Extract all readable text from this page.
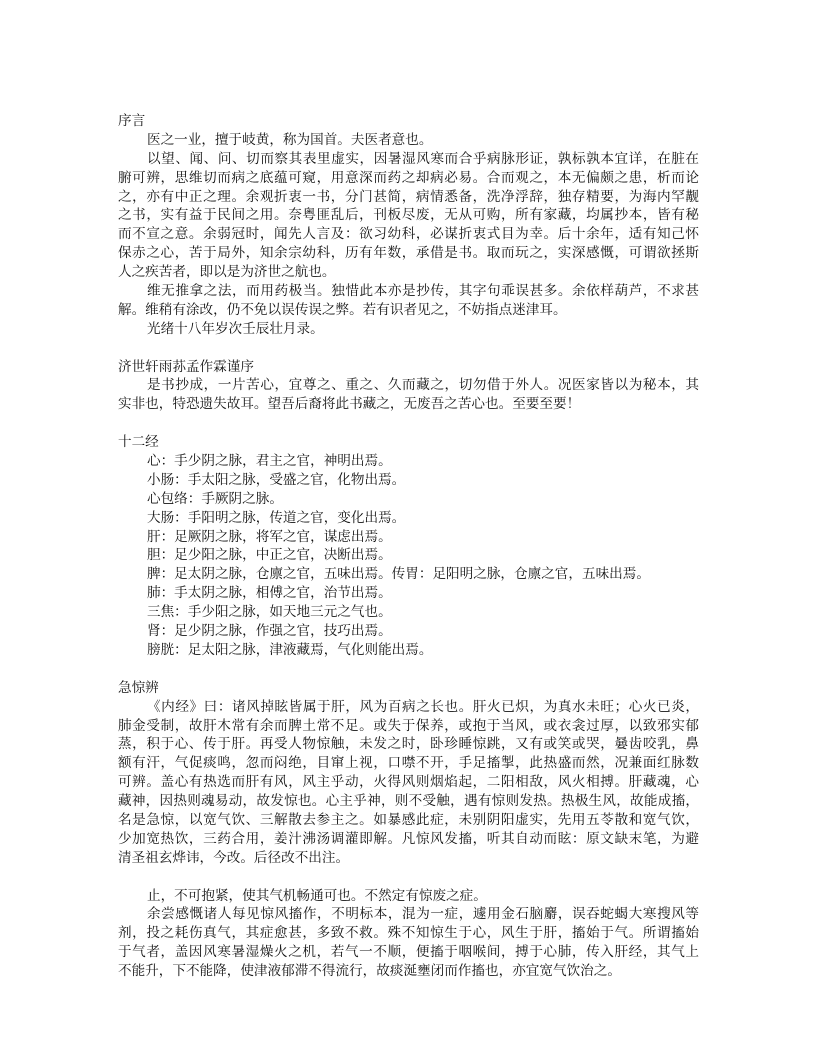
序言
医之一业，擅于岐黄，称为国首。夫医者意也。
以望、闻、问、切而察其表里虚实，因暑湿风寒而合乎病脉形证，孰标孰本宜详，在脏在
腑可辨，思维切而病之底蕴可窥，用意深而药之却病必易。合而观之，本无偏颇之患，析而论
之，亦有中正之理。余观折衷一书，分门甚简，病情悉备，洗净浮辞，独存精要，为海内罕觏
之书，实有益于民间之用。奈粤匪乱后，刊板尽废，无从可购，所有家藏，均属抄本，皆有秘
而不宣之意。余弱冠时，闻先人言及：欲习幼科，必谋折衷式目为幸。后十余年，适有知己怀
保赤之心，苦于局外，知余宗幼科，历有年数，承借是书。取而玩之，实深感慨，可谓欲拯斯
人之疾苦者，即以是为济世之航也。
维无推拿之法，而用药极当。独惜此本亦是抄传，其字句乖误甚多。余依样葫芦，不求甚
解。维稍有涂改，仍不免以误传误之弊。若有识者见之，不妨指点迷津耳。
光绪十八年岁次壬辰壮月录。
济世轩雨荪孟作霖谨序
是书抄成，一片苦心，宜尊之、重之、久而藏之，切勿借于外人。况医家皆以为秘本，其
实非也，特恐遗失故耳。望吾后裔将此书藏之，无废吾之苦心也。至要至要！
十二经
心：手少阴之脉，君主之官，神明出焉。
小肠：手太阳之脉，受盛之官，化物出焉。
心包络：手厥阴之脉。
大肠：手阳明之脉，传道之官，变化出焉。
肝：足厥阴之脉，将军之官，谋虑出焉。
胆：足少阳之脉，中正之官，决断出焉。
脾：足太阴之脉，仓廪之官，五味出焉。传胃：足阳明之脉，仓廪之官，五味出焉。
肺：手太阴之脉，相傅之官，治节出焉。
三焦：手少阳之脉，如天地三元之气也。
肾：足少阴之脉，作强之官，技巧出焉。
膀胱：足太阳之脉，津液藏焉，气化则能出焉。
急惊辨
《内经》曰：诸风掉眩皆属于肝，风为百病之长也。肝火已炽，为真水未旺；心火已炎，
肺金受制，故肝木常有余而脾土常不足。或失于保养，或抱于当风，或衣衾过厚，以致邪实郁
蒸，积于心、传于肝。再受人物惊触，未发之时，卧珍睡惊跳，又有或笑或哭，嘦齿咬乳，鼻
额有汗，气促痰鸣，忽而闷绝，目窜上视，口噤不开，手足搐掣，此热盛而然，况兼面红脉数
可辨。盖心有热选而肝有风，风主乎动，火得风则烟焰起，二阳相敌，风火相搏。肝藏魂，心
藏神，因热则魂易动，故发惊也。心主乎神，则不受触，遇有惊则发热。热极生风，故能成搐，
名是急惊，以宽气饮、三解散去参主之。如暴感此症，未别阴阳虚实，先用五苓散和宽气饮，
少加宽热饮，三药合用，姜汁沸汤调灌即解。凡惊风发搐，听其自动而眩：原文缺末笔，为避
清圣祖玄烨讳，今改。后径改不出注。
止，不可抱紧，使其气机畅通可也。不然定有惊废之症。
余尝感慨诸人每见惊风搐作，不明标本，混为一症，遽用金石脑麝，误吞蛇蝎大寒搜风等
剂，投之耗伤真气，其症愈甚，多致不救。殊不知惊生于心，风生于肝，搐始于气。所谓搐始
于气者，盖因风寒暑湿燥火之机，若气一不顺，便搐于咽喉间，搏于心肺，传入肝经，其气上
不能升，下不能降，使津液郁滞不得流行，故痰涎壅闭而作搐也，亦宜宽气饮治之。
